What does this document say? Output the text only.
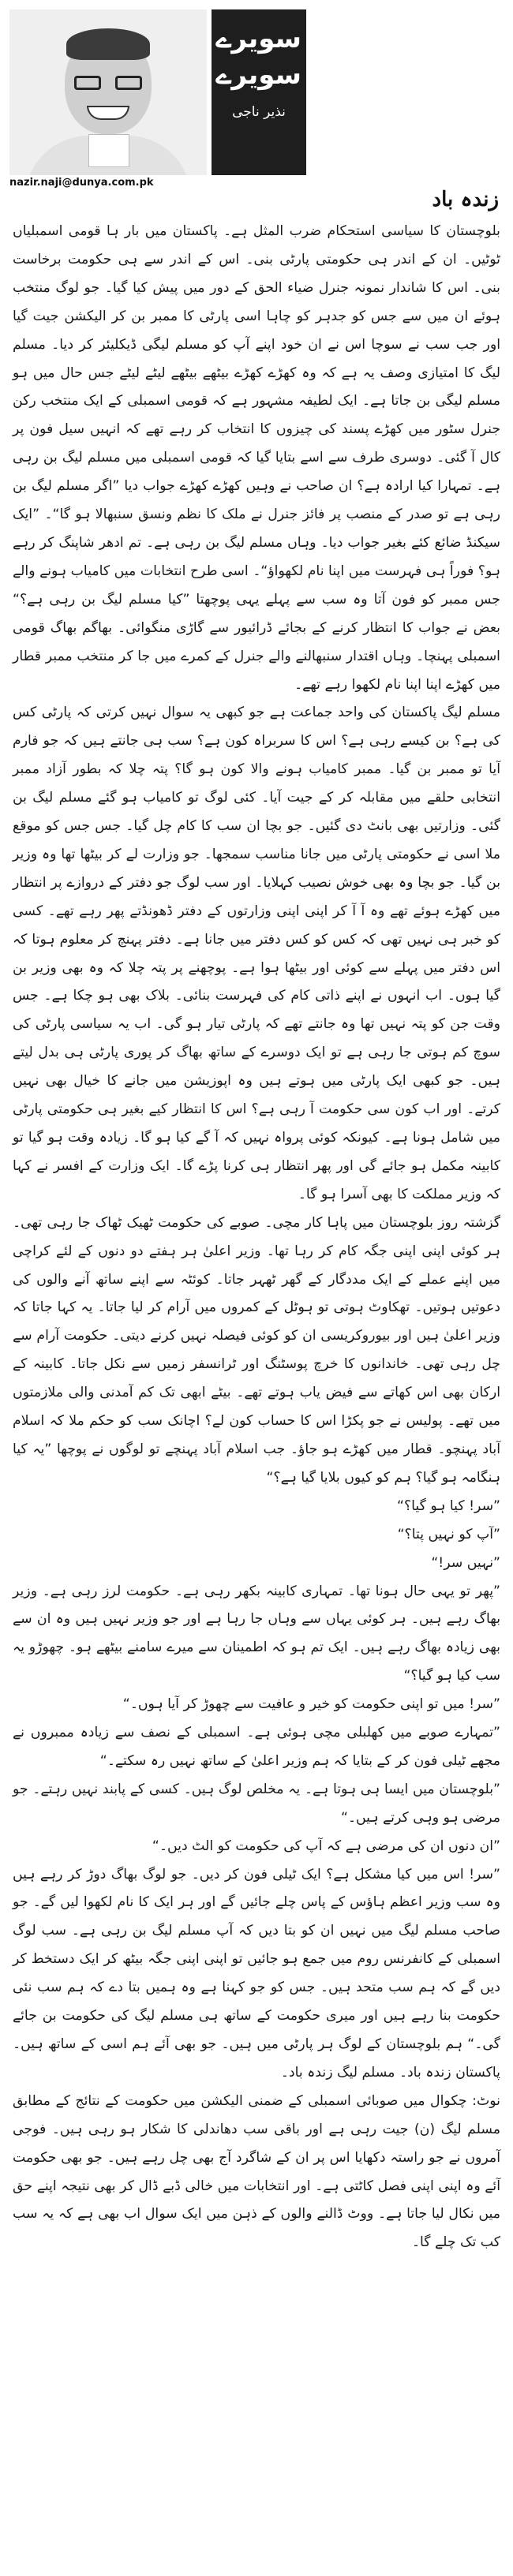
سویرے سویرے
نذیر ناجی
nazir.naji@dunya.com.pk
زندہ باد

بلوچستان کا سیاسی استحکام ضرب المثل ہے۔ پاکستان میں بار ہا قومی اسمبلیاں ٹوٹیں۔ ان کے اندر ہی حکومتی پارٹی بنی۔ اس کے اندر سے ہی حکومت برخاست بنی۔ اس کا شاندار نمونہ جنرل ضیاء الحق کے دور میں پیش کیا گیا۔ جو لوگ منتخب ہوئے ان میں سے جس کو جدہر کو چاہا اسی پارٹی کا ممبر بن کر الیکشن جیت گیا اور جب سب نے سوچا اس نے ان خود اپنے آپ کو مسلم لیگی ڈیکلیئر کر دیا۔ مسلم لیگ کا امتیازی وصف یہ ہے کہ وہ کھڑے کھڑے بیٹھے بیٹھے لیٹے لیٹے جس حال میں ہو مسلم لیگی بن جاتا ہے۔ ایک لطیفہ مشہور ہے کہ قومی اسمبلی کے ایک منتخب رکن جنرل سٹور میں کھڑے پسند کی چیزوں کا انتخاب کر رہے تھے کہ انہیں سیل فون پر کال آ گئی۔ دوسری طرف سے اسے بتایا گیا کہ قومی اسمبلی میں مسلم لیگ بن رہی ہے۔ تمہارا کیا ارادہ ہے؟ ان صاحب نے وہیں کھڑے کھڑے جواب دیا ”اگر مسلم لیگ بن رہی ہے تو صدر کے منصب پر فائز جنرل نے ملک کا نظم ونسق سنبھالا ہو گا“۔ ”ایک سیکنڈ ضائع کئے بغیر جواب دیا۔ وہاں مسلم لیگ بن رہی ہے۔ تم ادھر شاپنگ کر رہے ہو؟ فوراً ہی فہرست میں اپنا نام لکھواؤ“۔ اسی طرح انتخابات میں کامیاب ہونے والے جس ممبر کو فون آتا وہ سب سے پہلے یہی پوچھتا ”کیا مسلم لیگ بن رہی ہے؟“ بعض نے جواب کا انتظار کرنے کے بجائے ڈرائیور سے گاڑی منگوائی۔ بھاگم بھاگ قومی اسمبلی پہنچا۔ وہاں اقتدار سنبھالنے والے جنرل کے کمرے میں جا کر منتخب ممبر قطار میں کھڑے اپنا اپنا نام لکھوا رہے تھے۔

مسلم لیگ پاکستان کی واحد جماعت ہے جو کبھی یہ سوال نہیں کرتی کہ پارٹی کس کی ہے؟ بن کیسے رہی ہے؟ اس کا سربراہ کون ہے؟ سب ہی جانتے ہیں کہ جو فارم آیا تو ممبر بن گیا۔ ممبر کامیاب ہونے والا کون ہو گا؟ پتہ چلا کہ بطور آزاد ممبر انتخابی حلقے میں مقابلہ کر کے جیت آیا۔ کئی لوگ تو کامیاب ہو گئے مسلم لیگ بن گئی۔ وزارتیں بھی بانٹ دی گئیں۔ جو بچا ان سب کا کام چل گیا۔ جس جس کو موقع ملا اسی نے حکومتی پارٹی میں جانا مناسب سمجھا۔ جو وزارت لے کر بیٹھا تھا وہ وزیر بن گیا۔ جو بچا وہ بھی خوش نصیب کہلایا۔ اور سب لوگ جو دفتر کے دروازے پر انتظار میں کھڑے ہوئے تھے وہ آ آ کر اپنی اپنی وزارتوں کے دفتر ڈھونڈتے پھر رہے تھے۔ کسی کو خبر ہی نہیں تھی کہ کس کو کس دفتر میں جانا ہے۔ دفتر پہنچ کر معلوم ہوتا کہ اس دفتر میں پہلے سے کوئی اور بیٹھا ہوا ہے۔ پوچھنے پر پتہ چلا کہ وہ بھی وزیر بن گیا ہوں۔ اب انہوں نے اپنے ذاتی کام کی فہرست بنائی۔ بلاک بھی ہو چکا ہے۔ جس وقت جن کو پتہ نہیں تھا وہ جانتے تھے کہ پارٹی تیار ہو گی۔ اب یہ سیاسی پارٹی کی سوچ کم ہوتی جا رہی ہے تو ایک دوسرے کے ساتھ بھاگ کر پوری پارٹی ہی بدل لیتے ہیں۔ جو کبھی ایک پارٹی میں ہوتے ہیں وہ اپوزیشن میں جانے کا خیال بھی نہیں کرتے۔ اور اب کون سی حکومت آ رہی ہے؟ اس کا انتظار کیے بغیر ہی حکومتی پارٹی میں شامل ہونا ہے۔ کیونکہ کوئی پرواہ نہیں کہ آ گے کیا ہو گا۔ زیادہ وقت ہو گیا تو کابینہ مکمل ہو جائے گی اور پھر انتظار ہی کرنا پڑے گا۔ ایک وزارت کے افسر نے کہا کہ وزیر مملکت کا بھی آسرا ہو گا۔

گزشتہ روز بلوچستان میں پاہا کار مچی۔ صوبے کی حکومت ٹھیک ٹھاک جا رہی تھی۔ ہر کوئی اپنی اپنی جگہ کام کر رہا تھا۔ وزیر اعلیٰ ہر ہفتے دو دنوں کے لئے کراچی میں اپنے عملے کے ایک مددگار کے گھر ٹھہر جاتا۔ کوئٹہ سے اپنے ساتھ آنے والوں کی دعوتیں ہوتیں۔ تھکاوٹ ہوتی تو ہوٹل کے کمروں میں آرام کر لیا جاتا۔ یہ کہا جاتا کہ وزیر اعلیٰ ہیں اور بیوروکریسی ان کو کوئی فیصلہ نہیں کرنے دیتی۔ حکومت آرام سے چل رہی تھی۔ خاندانوں کا خرچ پوسٹنگ اور ٹرانسفر زمیں سے نکل جاتا۔ کابینہ کے ارکان بھی اس کھاتے سے فیض یاب ہوتے تھے۔ بیٹے ابھی تک کم آمدنی والی ملازمتوں میں تھے۔ پولیس نے جو پکڑا اس کا حساب کون لے؟ اچانک سب کو حکم ملا کہ اسلام آباد پہنچو۔ قطار میں کھڑے ہو جاؤ۔ جب اسلام آباد پہنچے تو لوگوں نے پوچھا ”یہ کیا ہنگامہ ہو گیا؟ ہم کو کیوں بلایا گیا ہے؟“

”سر! کیا ہو گیا؟“

”آپ کو نہیں پتا؟“

”نہیں سر!“

”پھر تو یہی حال ہونا تھا۔ تمہاری کابینہ بکھر رہی ہے۔ حکومت لرز رہی ہے۔ وزیر بھاگ رہے ہیں۔ ہر کوئی یہاں سے وہاں جا رہا ہے اور جو وزیر نہیں ہیں وہ ان سے بھی زیادہ بھاگ رہے ہیں۔ ایک تم ہو کہ اطمینان سے میرے سامنے بیٹھے ہو۔ چھوڑو یہ سب کیا ہو گیا؟“

”سر! میں تو اپنی حکومت کو خیر و عافیت سے چھوڑ کر آیا ہوں۔“

”تمہارے صوبے میں کھلبلی مچی ہوئی ہے۔ اسمبلی کے نصف سے زیادہ ممبروں نے مجھے ٹیلی فون کر کے بتایا کہ ہم وزیر اعلیٰ کے ساتھ نہیں رہ سکتے۔“

”بلوچستان میں ایسا ہی ہوتا ہے۔ یہ مخلص لوگ ہیں۔ کسی کے پابند نہیں رہتے۔ جو مرضی ہو وہی کرتے ہیں۔“

”ان دنوں ان کی مرضی ہے کہ آپ کی حکومت کو الٹ دیں۔“

”سر! اس میں کیا مشکل ہے؟ ایک ٹیلی فون کر دیں۔ جو لوگ بھاگ دوڑ کر رہے ہیں وہ سب وزیر اعظم ہاؤس کے پاس چلے جائیں گے اور ہر ایک کا نام لکھوا لیں گے۔ جو صاحب مسلم لیگ میں نہیں ان کو بتا دیں کہ آپ مسلم لیگ بن رہی ہے۔ سب لوگ اسمبلی کے کانفرنس روم میں جمع ہو جائیں تو اپنی اپنی جگہ بیٹھ کر ایک دستخط کر دیں گے کہ ہم سب متحد ہیں۔ جس کو جو کہنا ہے وہ ہمیں بتا دے کہ ہم سب نئی حکومت بنا رہے ہیں اور میری حکومت کے ساتھ ہی مسلم لیگ کی حکومت بن جائے گی۔“ ہم بلوچستان کے لوگ ہر پارٹی میں ہیں۔ جو بھی آئے ہم اسی کے ساتھ ہیں۔ پاکستان زندہ باد۔ مسلم لیگ زندہ باد۔

نوٹ: چکوال میں صوبائی اسمبلی کے ضمنی الیکشن میں حکومت کے نتائج کے مطابق مسلم لیگ (ن) جیت رہی ہے اور باقی سب دھاندلی کا شکار ہو رہی ہیں۔ فوجی آمروں نے جو راستہ دکھایا اس پر ان کے شاگرد آج بھی چل رہے ہیں۔ جو بھی حکومت آئے وہ اپنی اپنی فصل کاٹتی ہے۔ اور انتخابات میں خالی ڈبے ڈال کر بھی نتیجہ اپنے حق میں نکال لیا جاتا ہے۔ ووٹ ڈالنے والوں کے ذہن میں ایک سوال اب بھی ہے کہ یہ سب کب تک چلے گا۔
